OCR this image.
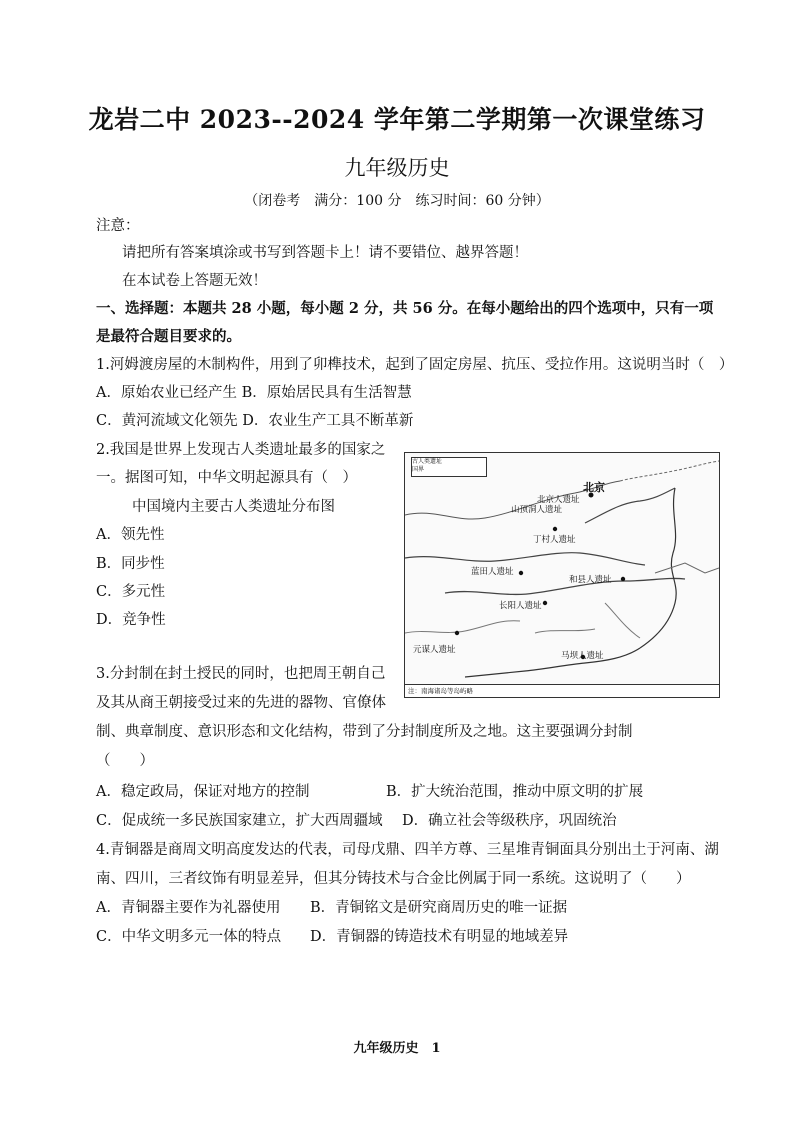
龙岩二中 2023--2024 学年第二学期第一次课堂练习
九年级历史
（闭卷考　满分：100 分　练习时间：60 分钟）
注意：
请把所有答案填涂或书写到答题卡上！请不要错位、越界答题！
在本试卷上答题无效！
一、选择题：本题共 28 小题，每小题 2 分，共 56 分。在每小题给出的四个选项中，只有一项
是最符合题目要求的。
1.河姆渡房屋的木制构件，用到了卯榫技术，起到了固定房屋、抗压、受拉作用。这说明当时（　）
A．原始农业已经产生 B．原始居民具有生活智慧
C．黄河流域文化领先 D．农业生产工具不断革新
2.我国是世界上发现古人类遗址最多的国家之
一。据图可知，中华文明起源具有（　）
中国境内主要古人类遗址分布图
A．领先性
B．同步性
C．多元性
D．竞争性
古人类遗址
国界
北京
北京人遗址
山顶洞人遗址
丁村人遗址
蓝田人遗址
和县人遗址
长阳人遗址
元谋人遗址
马坝人遗址
注：南海诸岛等岛屿略
3.分封制在封土授民的同时，也把周王朝自己
及其从商王朝接受过来的先进的器物、官僚体
制、典章制度、意识形态和文化结构，带到了分封制度所及之地。这主要强调分封制
（　　）
A．稳定政局，保证对地方的控制	B．扩大统治范围，推动中原文明的扩展
C．促成统一多民族国家建立，扩大西周疆域 D．确立社会等级秩序，巩固统治
4.青铜器是商周文明高度发达的代表，司母戊鼎、四羊方尊、三星堆青铜面具分别出土于河南、湖
南、四川，三者纹饰有明显差异，但其分铸技术与合金比例属于同一系统。这说明了（　　）
A．青铜器主要作为礼器使用 B．青铜铭文是研究商周历史的唯一证据
C．中华文明多元一体的特点 D．青铜器的铸造技术有明显的地域差异
九年级历史　1
